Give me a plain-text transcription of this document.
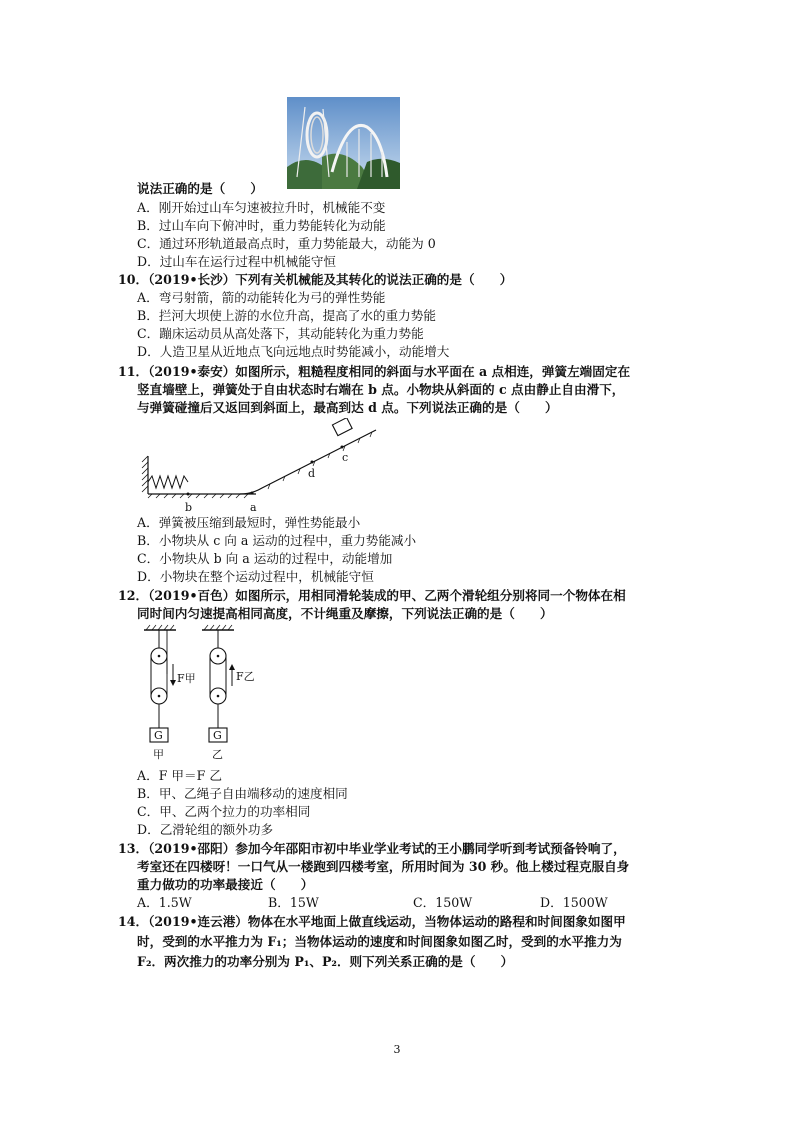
说法正确的是（　　）
A．刚开始过山车匀速被拉升时，机械能不变
B．过山车向下俯冲时，重力势能转化为动能
C．通过环形轨道最高点时，重力势能最大，动能为 0
D．过山车在运行过程中机械能守恒
10．（2019•长沙）下列有关机械能及其转化的说法正确的是（　　）
A．弯弓射箭，箭的动能转化为弓的弹性势能
B．拦河大坝使上游的水位升高，提高了水的重力势能
C．蹦床运动员从高处落下，其动能转化为重力势能
D．人造卫星从近地点飞向远地点时势能减小，动能增大
11．（2019•泰安）如图所示，粗糙程度相同的斜面与水平面在 a 点相连，弹簧左端固定在
竖直墙壁上，弹簧处于自由状态时右端在 b 点。小物块从斜面的 c 点由静止自由滑下，
与弹簧碰撞后又返回到斜面上，最高到达 d 点。下列说法正确的是（　　）
b	a
d
c
A．弹簧被压缩到最短时，弹性势能最小
B．小物块从 c 向 a 运动的过程中，重力势能减小
C．小物块从 b 向 a 运动的过程中，动能增加
D．小物块在整个运动过程中，机械能守恒
12．（2019•百色）如图所示，用相同滑轮装成的甲、乙两个滑轮组分别将同一个物体在相
同时间内匀速提高相同高度，不计绳重及摩擦，下列说法正确的是（　　）
F甲	F乙
G	G
甲	乙
A．F 甲＝F 乙
B．甲、乙绳子自由端移动的速度相同
C．甲、乙两个拉力的功率相同
D．乙滑轮组的额外功多
13．（2019•邵阳）参加今年邵阳市初中毕业学业考试的王小鹏同学听到考试预备铃响了，
考室还在四楼呀！一口气从一楼跑到四楼考室，所用时间为 30 秒。他上楼过程克服自身
重力做功的功率最接近（　　）
A．1.5W	B．15W	C．150W	D．1500W
14．（2019•连云港）物体在水平地面上做直线运动，当物体运动的路程和时间图象如图甲
时，受到的水平推力为 F₁；当物体运动的速度和时间图象如图乙时，受到的水平推力为
F₂．两次推力的功率分别为 P₁、P₂．则下列关系正确的是（　　）
3
